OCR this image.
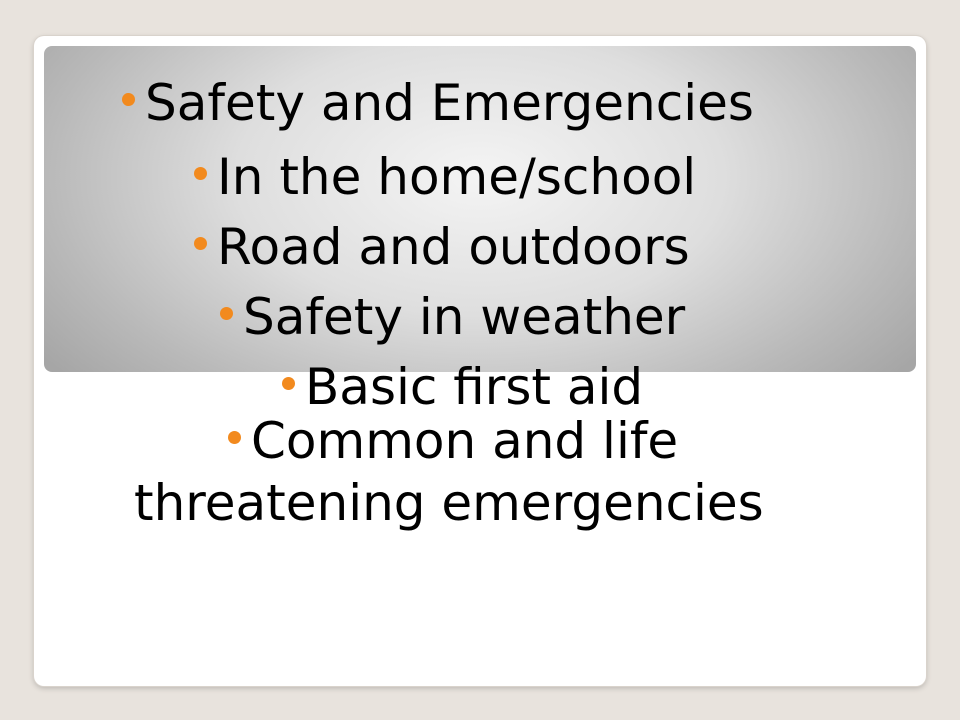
Safety and Emergencies
In the home/school
Road and outdoors
Safety in weather
Basic first aid
Common and life
threatening emergencies
